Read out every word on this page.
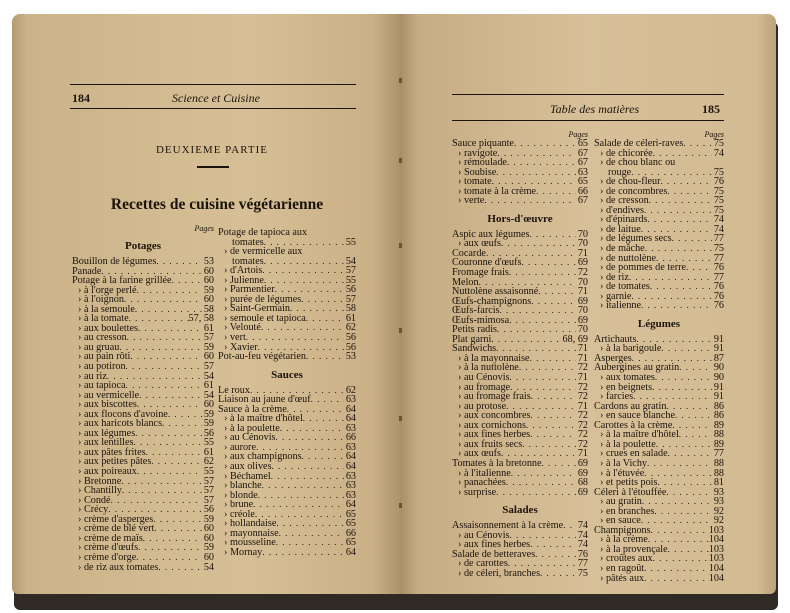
184	Science et Cuisine
DEUXIEME PARTIE
Recettes de cuisine végétarienne
Pages
Potages
Bouillon de légumes . . .	53
Panade . . .	60
Potage à la farine grillée . . .	60
› à l'orge perlé . . .	59
› à l'oignon . . .	60
› à la semoule . . .	58
› à la tomate . . .	57, 58
› aux boulettes . . .	61
› au cresson . . .	57
› au gruau . . .	59
› au pain rôti . . .	60
› au potiron . . .	57
› au riz . . .	54
› au tapioca . . .	61
› au vermicelle . . .	54
› aux biscottes . . .	60
› aux flocons d'avoine . . .	59
› aux haricots blancs . . .	59
› aux légumes . . .	56
› aux lentilles . . .	55
› aux pâtes frites . . .	61
› aux petites pâtes . . .	62
› aux poireaux . . .	55
› Bretonne . . .	57
› Chantilly . . .	57
› Condé . . .	57
› Crécy . . .	56
› crème d'asperges . . .	59
› crème de blé vert . . .	60
› crème de maïs . . .	60
› crème d'œufs . . .	59
› crème d'orge . . .	60
› de riz aux tomates . . .	54
Potage de tapioca aux
tomates . . .	55
› de vermicelle aux
tomates . . .	54
› d'Artois . . .	57
› Julienne . . .	55
› Parmentier . . .	56
› purée de légumes . . .	57
› Saint-Germain . . .	58
› semoule et tapioca . . .	61
› Velouté . . .	62
› vert . . .	56
› Xavier . . .	56
Pot-au-feu végétarien . . .	53
Sauces
Le roux . . .	62
Liaison au jaune d'œuf . . .	63
Sauce à la crème . . .	64
› à la maître d'hôtel . . .	64
› à la poulette . . .	63
› au Cénovis . . .	66
› aurore . . .	63
› aux champignons . . .	64
› aux olives . . .	64
› Béchamel . . .	63
› blanche . . .	63
› blonde . . .	63
› brune . . .	64
› créole . . .	65
› hollandaise . . .	65
› mayonnaise . . .	66
› mousseline . . .	65
› Mornay . . .	64
Table des matières	185
Pages
Sauce piquante . . .	65
› ravigote . . .	67
› rémoulade . . .	67
› Soubise . . .	63
› tomate . . .	65
› tomate à la crème . . .	66
› verte . . .	67
Hors-d'œuvre
Aspic aux légumes . . .	70
› aux œufs . . .	70
Cocarde . . .	71
Couronne d'œufs . . .	69
Fromage frais . . .	72
Melon . . .	70
Nuttolène assaisonné . . .	71
Œufs-champignons . . .	69
Œufs-farcis . . .	70
Œufs-mimosa . . .	69
Petits radis . . .	70
Plat garni . . .	68, 69
Sandwichs . . .	71
› à la mayonnaise . . .	71
› à la nuttolène . . .	72
› au Cénovis . . .	71
› au fromage . . .	72
› au fromage frais . . .	72
› au protose . . .	71
› aux concombres . . .	72
› aux cornichons . . .	72
› aux fines herbes . . .	72
› aux fruits secs . . .	72
› aux œufs . . .	71
Tomates à la bretonne . . .	69
› à l'italienne . . .	69
› panachées . . .	68
› surprise . . .	69
Salades
Assaisonnement à la crème . . . 74
› au Cénovis . . .	74
› aux fines herbes . . .	74
Salade de betteraves . . .	76
› de carottes . . .	77
› de céleri, branches . . .	75
Pages
Salade de céleri-raves . . .	75
› de chicorée . . .	74
› de chou blanc ou
rouge . . .	75
› de chou-fleur . . .	76
› de concombres . . .	75
› de cresson . . .	75
› d'endives . . .	75
› d'épinards . . .	74
› de laitue . . .	74
› de légumes secs . . .	77
› de mâche . . .	75
› de nuttolène . . .	77
› de pommes de terre . . .	76
› de riz . . .	77
› de tomates . . .	76
› garnie . . .	76
› italienne . . .	76
Légumes
Artichauts . . .	91
› à la barigoule . . .	91
Asperges . . .	87
Aubergines au gratin . . .	90
› aux tomates . . .	90
› en beignets . . .	91
› farcies . . .	91
Cardons au gratin . . .	86
› en sauce blanche . . .	86
Carottes à la crème . . .	89
› à la maître d'hôtel . . .	88
› à la poulette . . .	89
› crues en salade . . .	77
› à la Vichy . . .	88
› à l'étuvée . . .	88
› et petits pois . . .	81
Céleri à l'étouffée . . .	93
› au gratin . . .	93
› en branches . . .	92
› en sauce . . .	92
Champignons . . .	103
› à la crème . . .	104
› à la provençale . . .	103
› croûtes aux . . .	103
› en ragoût . . .	104
› pâtés aux . . .	104
